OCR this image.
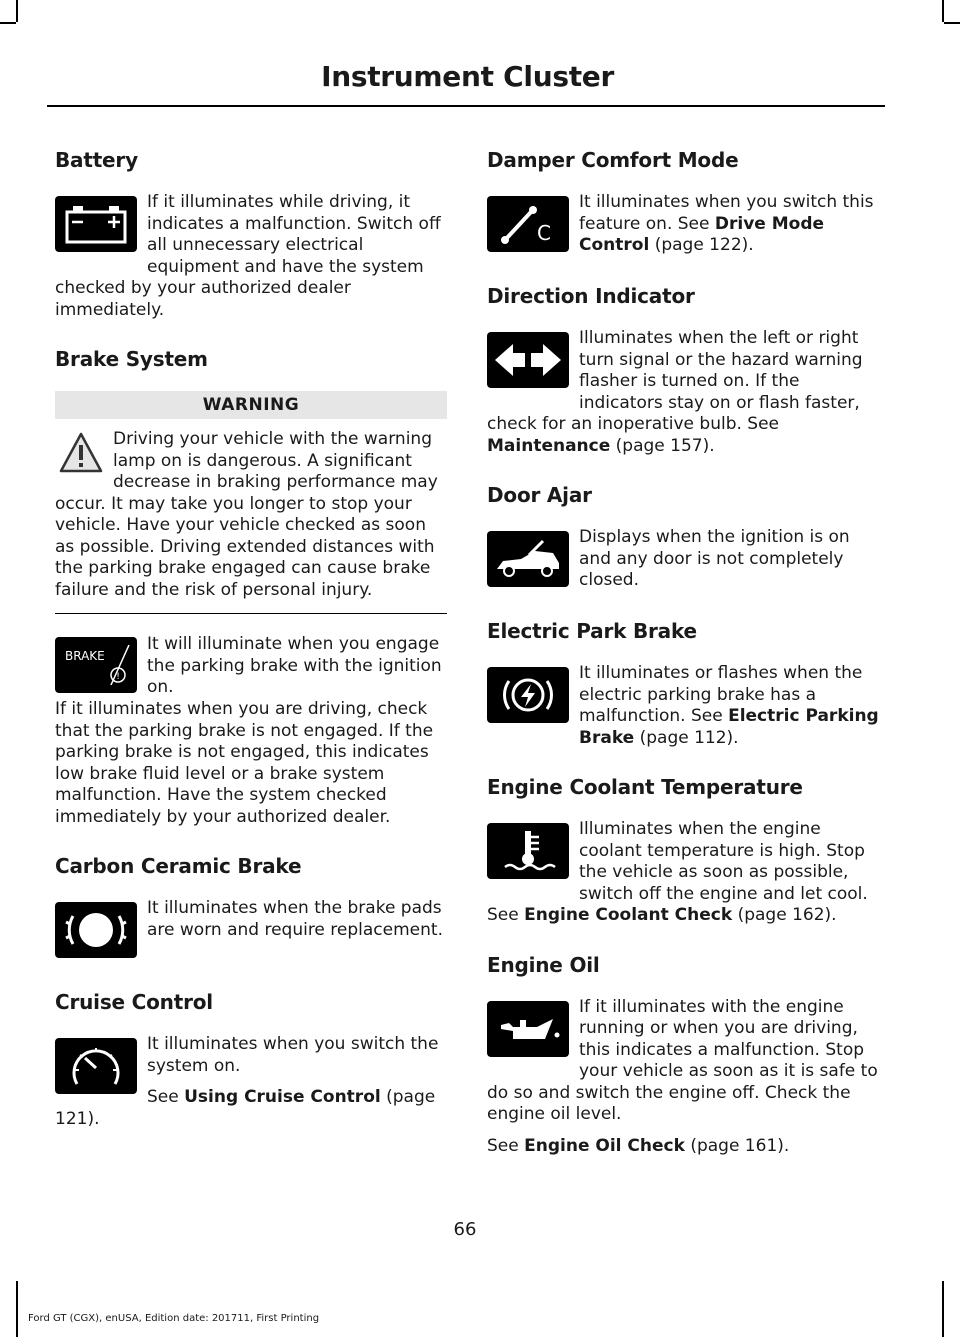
Instrument Cluster
Battery

If it illuminates while driving, it indicates a malfunction. Switch off all unnecessary electrical equipment and have the system checked by your authorized dealer immediately.

Brake System
WARNING

Driving your vehicle with the warning lamp on is dangerous. A significant decrease in braking performance may occur. It may take you longer to stop your vehicle. Have your vehicle checked as soon as possible. Driving extended distances with the parking brake engaged can cause brake failure and the risk of personal injury.

BRAKE
!

It will illuminate when you engage the parking brake with the ignition on.

If it illuminates when you are driving, check that the parking brake is not engaged. If the parking brake is not engaged, this indicates low brake fluid level or a brake system malfunction. Have the system checked immediately by your authorized dealer.

Carbon Ceramic Brake

It illuminates when the brake pads are worn and require replacement.

Cruise Control

It illuminates when you switch the system on.

See Using Cruise Control (page 121).

Damper Comfort Mode
C

It illuminates when you switch this feature on. See Drive Mode Control (page 122).

Direction Indicator

Illuminates when the left or right turn signal or the hazard warning flasher is turned on. If the indicators stay on or flash faster, check for an inoperative bulb. See Maintenance (page 157).

Door Ajar

Displays when the ignition is on and any door is not completely closed.

Electric Park Brake

It illuminates or flashes when the electric parking brake has a malfunction. See Electric Parking Brake (page 112).

Engine Coolant Temperature

Illuminates when the engine coolant temperature is high. Stop the vehicle as soon as possible, switch off the engine and let cool. See Engine Coolant Check (page 162).

Engine Oil

If it illuminates with the engine running or when you are driving, this indicates a malfunction. Stop your vehicle as soon as it is safe to do so and switch the engine off. Check the engine oil level.

See Engine Oil Check (page 161).

66
Ford GT (CGX), enUSA, Edition date: 201711, First Printing
